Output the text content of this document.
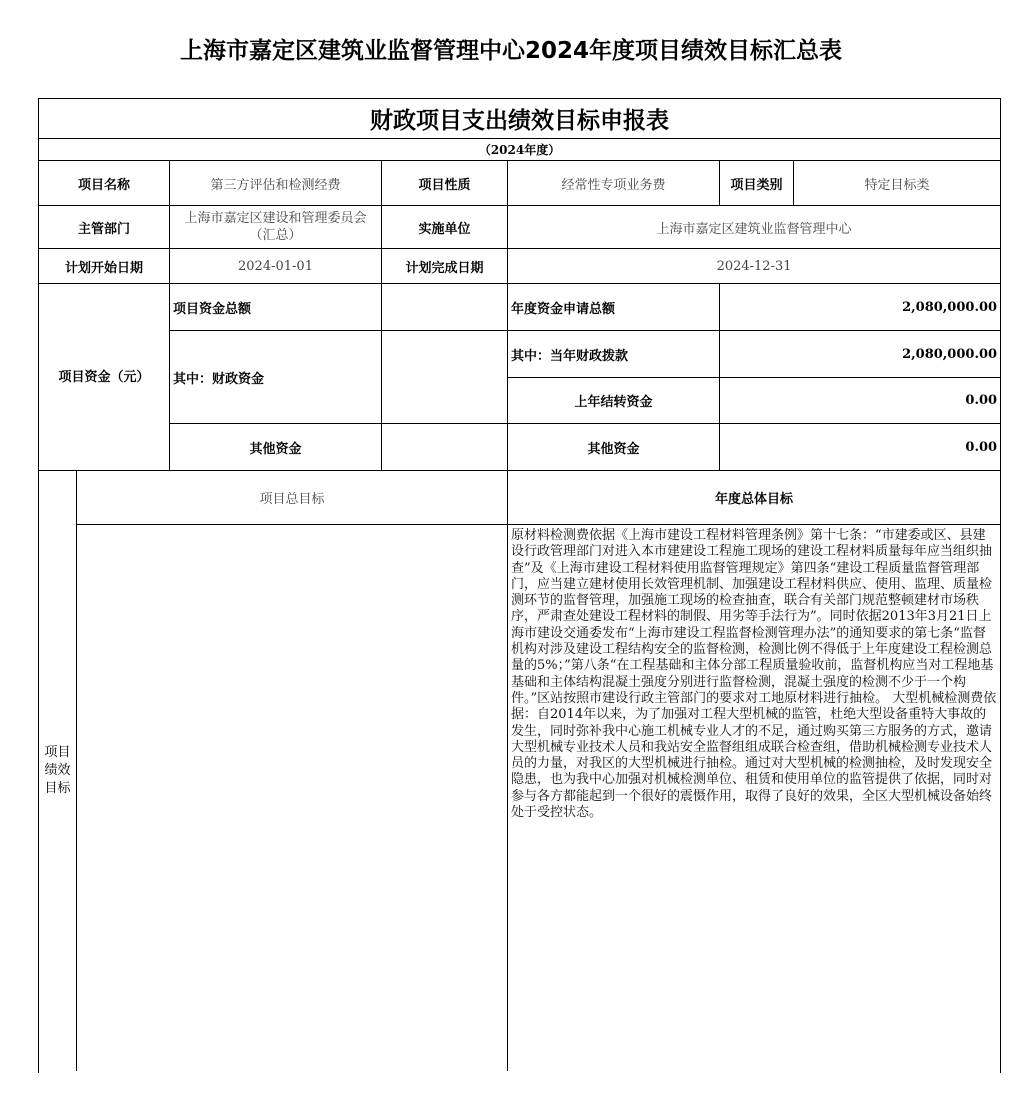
上海市嘉定区建筑业监督管理中心2024年度项目绩效目标汇总表
财政项目支出绩效目标申报表						
（2024年度）						
项目名称		第三方评估和检测经费	项目性质	经常性专项业务费	项目类别	特定目标类
主管部门		上海市嘉定区建设和管理委员会（汇总）	实施单位	上海市嘉定区建筑业监督管理中心		
计划开始日期		2024-01-01	计划完成日期	2024-12-31		
项目资金（元）		项目资金总额		年度资金申请总额	2,080,000.00	
		其中：财政资金		其中：当年财政拨款	2,080,000.00	
				上年结转资金	0.00	
		其他资金		其他资金	0.00	

项目绩效目标	项目总目标			年度总体目标		
				原材料检测费依据《上海市建设工程材料管理条例》第十七条：“市建委或区、县建设行政管理部门对进入本市建建设工程施工现场的建设工程材料质量每年应当组织抽查”及《上海市建设工程材料使用监督管理规定》第四条“建设工程质量监督管理部门，应当建立建材使用长效管理机制、加强建设工程材料供应、使用、监理、质量检测环节的监督管理，加强施工现场的检查抽查，联合有关部门规范整顿建材市场秩序，严肃查处建设工程材料的制假、用劣等手法行为”。同时依据2013年3月21日上海市建设交通委发布“上海市建设工程监督检测管理办法”的通知要求的第七条“监督机构对涉及建设工程结构安全的监督检测，检测比例不得低于上年度建设工程检测总量的5%；”第八条“在工程基础和主体分部工程质量验收前，监督机构应当对工程地基基础和主体结构混凝土强度分别进行监督检测，混凝土强度的检测不少于一个构件。”区站按照市建设行政主管部门的要求对工地原材料进行抽检。 大型机械检测费依据：自2014年以来，为了加强对工程大型机械的监管，杜绝大型设备重特大事故的发生，同时弥补我中心施工机械专业人才的不足，通过购买第三方服务的方式，邀请大型机械专业技术人员和我站安全监督组组成联合检查组，借助机械检测专业技术人员的力量，对我区的大型机械进行抽检。通过对大型机械的检测抽检，及时发现安全隐患，也为我中心加强对机械检测单位、租赁和使用单位的监管提供了依据，同时对参与各方都能起到一个很好的震慑作用，取得了良好的效果，全区大型机械设备始终处于受控状态。		
